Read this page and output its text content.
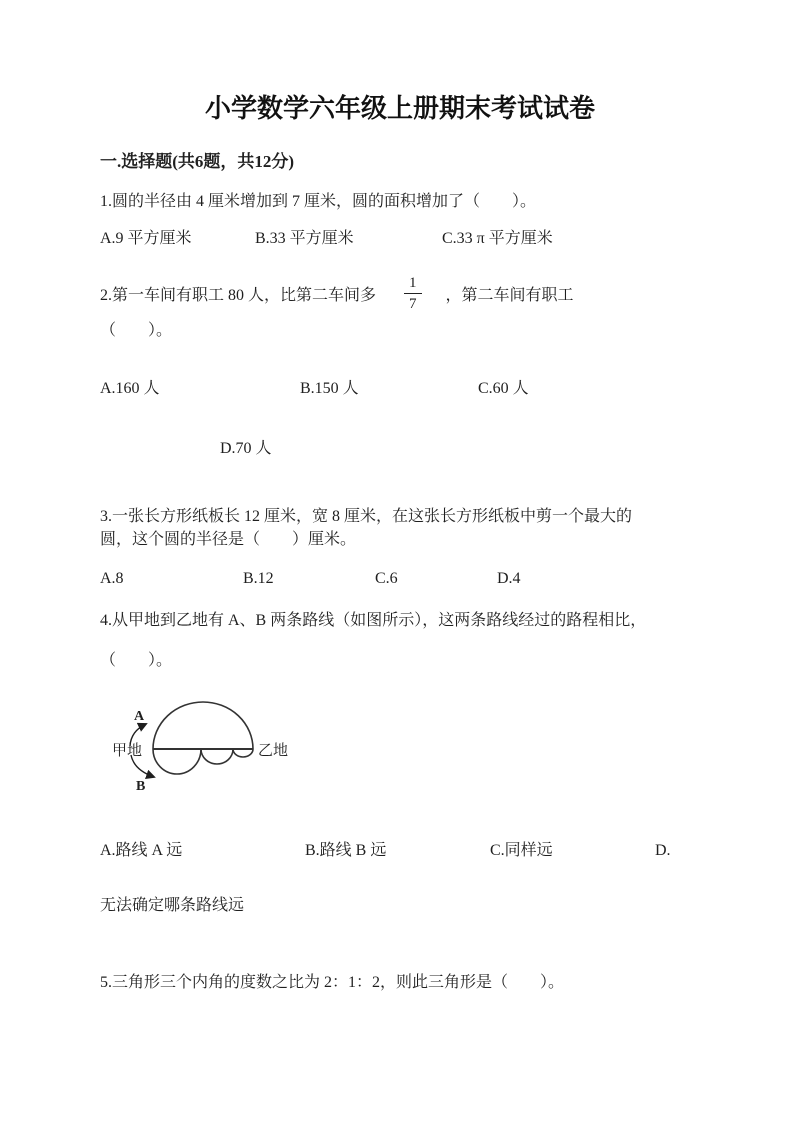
小学数学六年级上册期末考试试卷
一.选择题(共6题，共12分)
1.圆的半径由 4 厘米增加到 7 厘米，圆的面积增加了（　　）。
A.9 平方厘米	B.33 平方厘米	C.33 π 平方厘米
2.第一车间有职工 80 人，比第二车间多 $\frac{1}{7}$ ，第二车间有职工
（　　）。
A.160 人	B.150 人	C.60 人
D.70 人
3.一张长方形纸板长 12 厘米，宽 8 厘米，在这张长方形纸板中剪一个最大的
圆，这个圆的半径是（　　）厘米。
A.8	B.12	C.6	D.4
4.从甲地到乙地有 A、B 两条路线（如图所示），这两条路线经过的路程相比，
（　　）。
A
B
甲地	乙地
A.路线 A 远	B.路线 B 远	C.同样远	D.
无法确定哪条路线远
5.三角形三个内角的度数之比为 2：1：2，则此三角形是（　　）。
